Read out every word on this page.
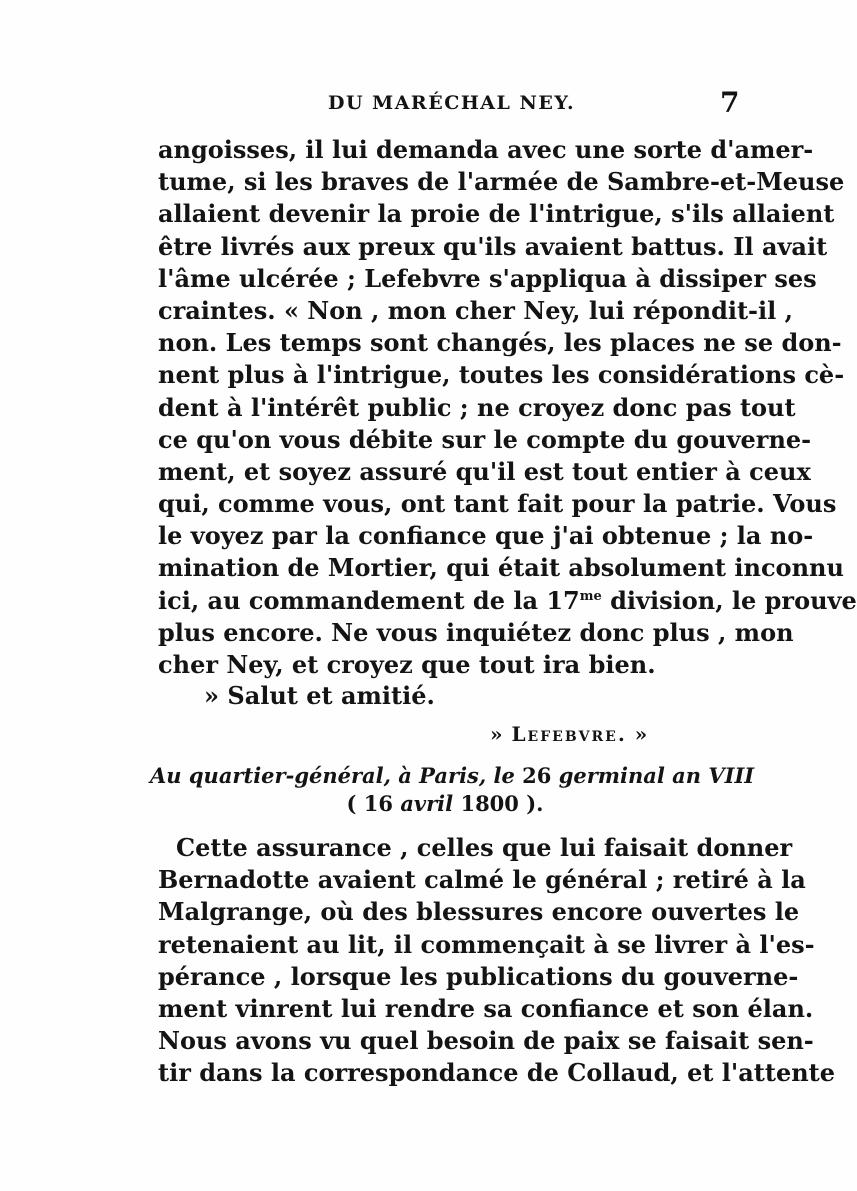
DU MARÉCHAL NEY.	7
angoisses, il lui demanda avec une sorte d'amer-
tume, si les braves de l'armée de Sambre-et-Meuse
allaient devenir la proie de l'intrigue, s'ils allaient
être livrés aux preux qu'ils avaient battus. Il avait
l'âme ulcérée ; Lefebvre s'appliqua à dissiper ses
craintes. « Non , mon cher Ney, lui répondit-il ,
non. Les temps sont changés, les places ne se don-
nent plus à l'intrigue, toutes les considérations cè-
dent à l'intérêt public ; ne croyez donc pas tout
ce qu'on vous débite sur le compte du gouverne-
ment, et soyez assuré qu'il est tout entier à ceux
qui, comme vous, ont tant fait pour la patrie. Vous
le voyez par la confiance que j'ai obtenue ; la no-
mination de Mortier, qui était absolument inconnu
ici, au commandement de la $17^{me}$ division, le prouve
plus encore. Ne vous inquiétez donc plus , mon
cher Ney, et croyez que tout ira bien.
» Salut et amitié.
» Lefebvre. »
Au quartier-général, à Paris, le 26 germinal an VIII
( 16 avril 1800 ).
Cette assurance , celles que lui faisait donner
Bernadotte avaient calmé le général ; retiré à la
Malgrange, où des blessures encore ouvertes le
retenaient au lit, il commençait à se livrer à l'es-
pérance , lorsque les publications du gouverne-
ment vinrent lui rendre sa confiance et son élan.
Nous avons vu quel besoin de paix se faisait sen-
tir dans la correspondance de Collaud, et l'attente
